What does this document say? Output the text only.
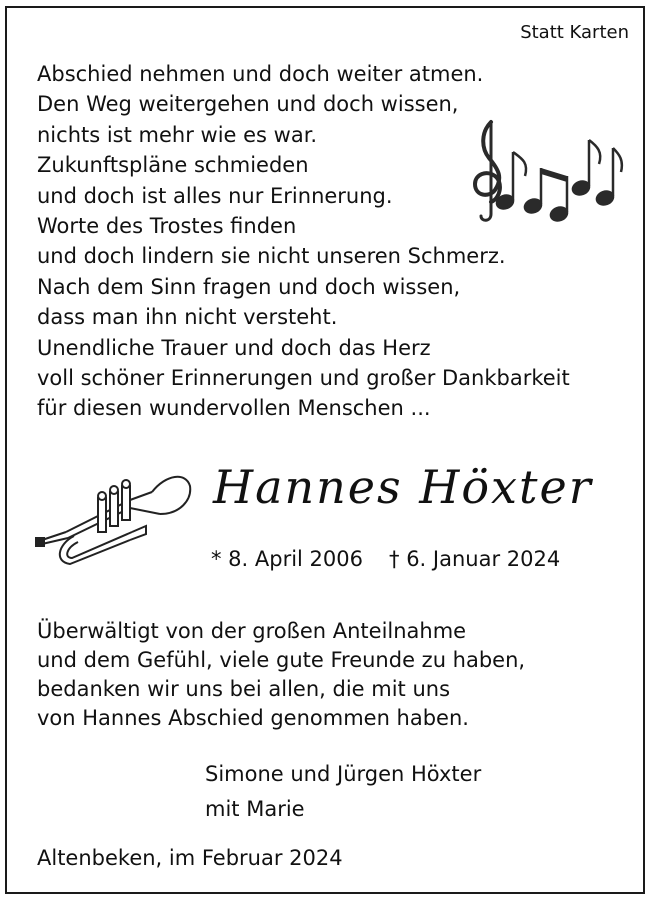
Statt Karten
Abschied nehmen und doch weiter atmen.
Den Weg weitergehen und doch wissen,
nichts ist mehr wie es war.
Zukunftspläne schmieden
und doch ist alles nur Erinnerung.
Worte des Trostes finden
und doch lindern sie nicht unseren Schmerz.
Nach dem Sinn fragen und doch wissen,
dass man ihn nicht versteht.
Unendliche Trauer und doch das Herz
voll schöner Erinnerungen und großer Dankbarkeit
für diesen wundervollen Menschen ...
Hannes Höxter
* 8. April 2006 † 6. Januar 2024
Überwältigt von der großen Anteilnahme
und dem Gefühl, viele gute Freunde zu haben,
bedanken wir uns bei allen, die mit uns
von Hannes Abschied genommen haben.
Simone und Jürgen Höxter
mit Marie
Altenbeken, im Februar 2024
